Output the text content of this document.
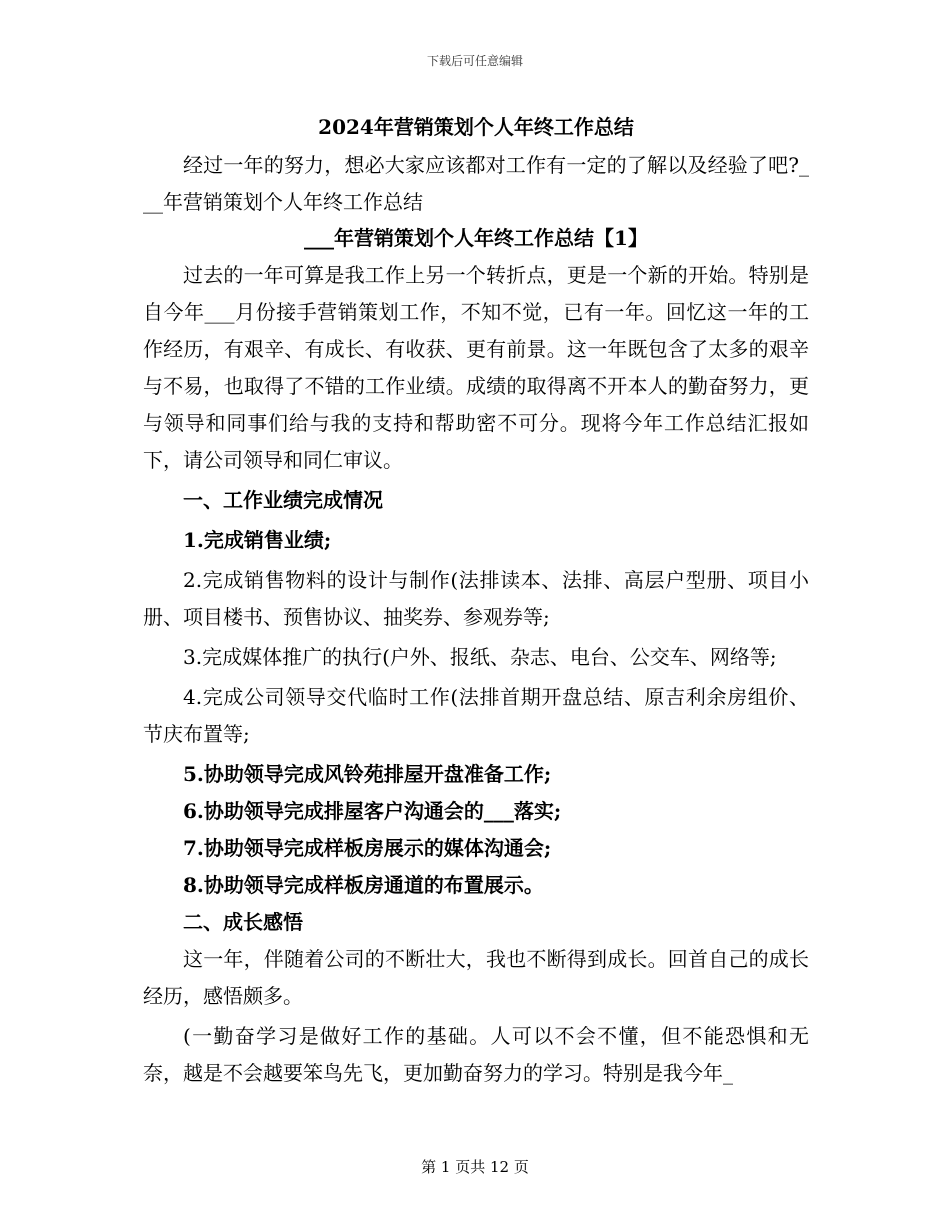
下载后可任意编辑
2024年营销策划个人年终工作总结

经过一年的努力，想必大家应该都对工作有一定的了解以及经验了吧?___年营销策划个人年终工作总结

___年营销策划个人年终工作总结【1】

过去的一年可算是我工作上另一个转折点，更是一个新的开始。特别是自今年___月份接手营销策划工作，不知不觉，已有一年。回忆这一年的工作经历，有艰辛、有成长、有收获、更有前景。这一年既包含了太多的艰辛与不易，也取得了不错的工作业绩。成绩的取得离不开本人的勤奋努力，更与领导和同事们给与我的支持和帮助密不可分。现将今年工作总结汇报如下，请公司领导和同仁审议。

一、工作业绩完成情况

1.完成销售业绩;

2.完成销售物料的设计与制作(法排读本、法排、高层户型册、项目小册、项目楼书、预售协议、抽奖券、参观券等;

3.完成媒体推广的执行(户外、报纸、杂志、电台、公交车、网络等;

4.完成公司领导交代临时工作(法排首期开盘总结、原吉利余房组价、节庆布置等;

5.协助领导完成风铃苑排屋开盘准备工作;

6.协助领导完成排屋客户沟通会的___落实;

7.协助领导完成样板房展示的媒体沟通会;

8.协助领导完成样板房通道的布置展示。

二、成长感悟

这一年，伴随着公司的不断壮大，我也不断得到成长。回首自己的成长经历，感悟颇多。

(一勤奋学习是做好工作的基础。人可以不会不懂，但不能恐惧和无奈，越是不会越要笨鸟先飞，更加勤奋努力的学习。特别是我今年_

第 1 页共 12 页
